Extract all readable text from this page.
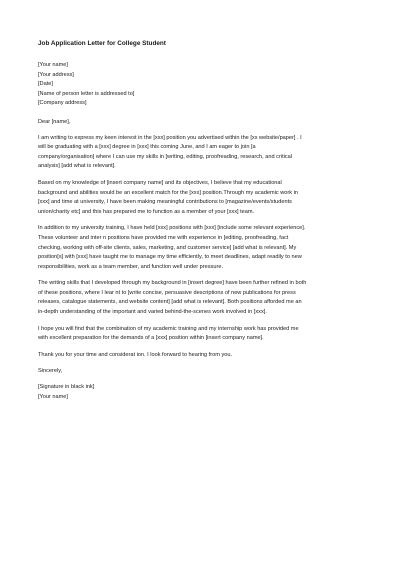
Job Application Letter for College Student
[Your name]
[Your address]
[Date]
[Name of person letter is addressed to]
[Company address]
Dear [name],
I am writing to express my keen interest in the [xxx] position you advertised within the [xx website/paper] . I
will be graduating with a [xxx] degree in [xxx] this coming June, and I am eager to join [a
company/organisation] where I can use my skills in [writing, editing, proofreading, research, and critical
analysis] [add what is relevant].
Based on my knowledge of [insert company name] and its objectives, I believe that my educational
background and abilities would be an excellent match for the [xxx] position.Through my academic work in
[xxx] and time at university, I have been making meaningful contributions to [magazine/events/students
union/charity etc] and this has prepared me to function as a member of your [xxx] team.
In addition to my university training, I have held [xxx] positions with [xxx] [include some relevant experience].
These volunteer and inter n positions have provided me with experience in [editing, proofreading, fact
checking, working with off-site clients, sales, marketing, and customer service] [add what is relevant]. My
position[s] with [xxx] have taught me to manage my time efficiently, to meet deadlines, adapt readily to new
responsibilities, work as a team member, and function well under pressure.
The writing skills that I developed through my background in [insert degree] have been further refined in both
of these positions, where I lear nt to [write concise, persuasive descriptions of new publications for press
releases, catalogue statements, and website content] [add what is relevant]. Both positions afforded me an
in-depth understanding of the important and varied behind-the-scenes work involved in [xxx].
I hope you will find that the combination of my academic training and my internship work has provided me
with excellent preparation for the demands of a [xxx] position within [insert company name].
Thank you for your time and considerat ion. I look forward to hearing from you.
Sincerely,
[Signature in black ink]
[Your name]
